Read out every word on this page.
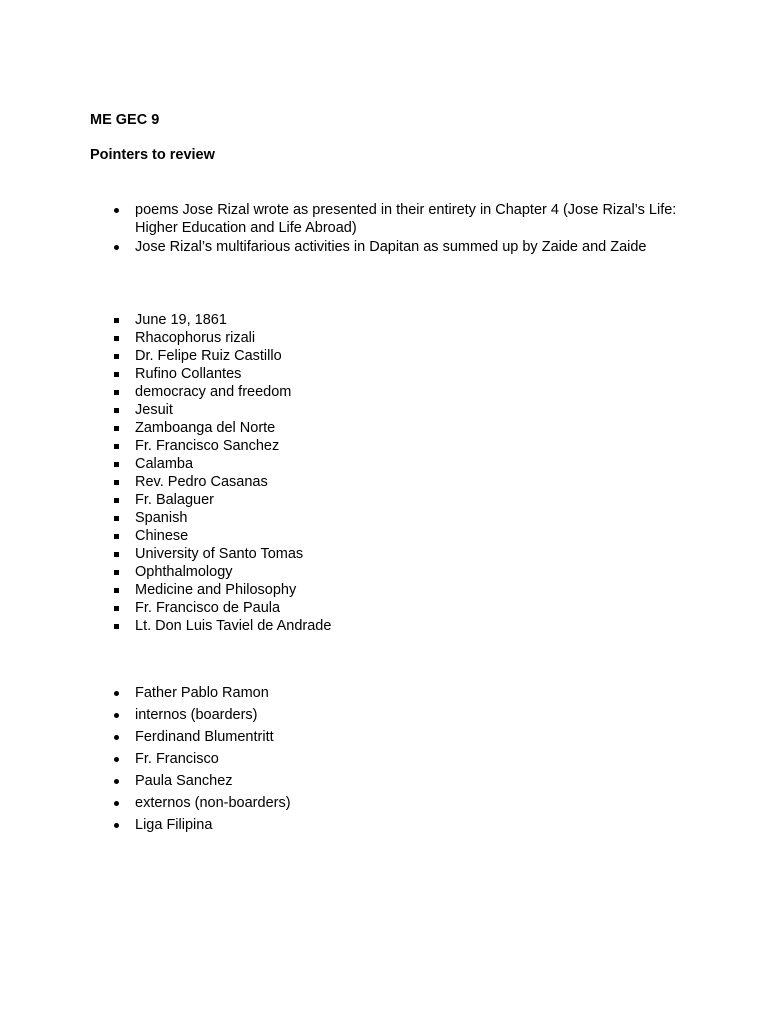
ME GEC 9

Pointers to review

poems Jose Rizal wrote as presented in their entirety in Chapter 4 (Jose Rizal’s Life: Higher Education and Life Abroad)
Jose Rizal’s multifarious activities in Dapitan as summed up by Zaide and Zaide
June 19, 1861
Rhacophorus rizali
Dr. Felipe Ruiz Castillo
Rufino Collantes
democracy and freedom
Jesuit
Zamboanga del Norte
Fr. Francisco Sanchez
Calamba
Rev. Pedro Casanas
Fr. Balaguer
Spanish
Chinese
University of Santo Tomas
Ophthalmology
Medicine and Philosophy
Fr. Francisco de Paula
Lt. Don Luis Taviel de Andrade
Father Pablo Ramon
internos (boarders)
Ferdinand Blumentritt
Fr. Francisco
Paula Sanchez
externos (non-boarders)
Liga Filipina
